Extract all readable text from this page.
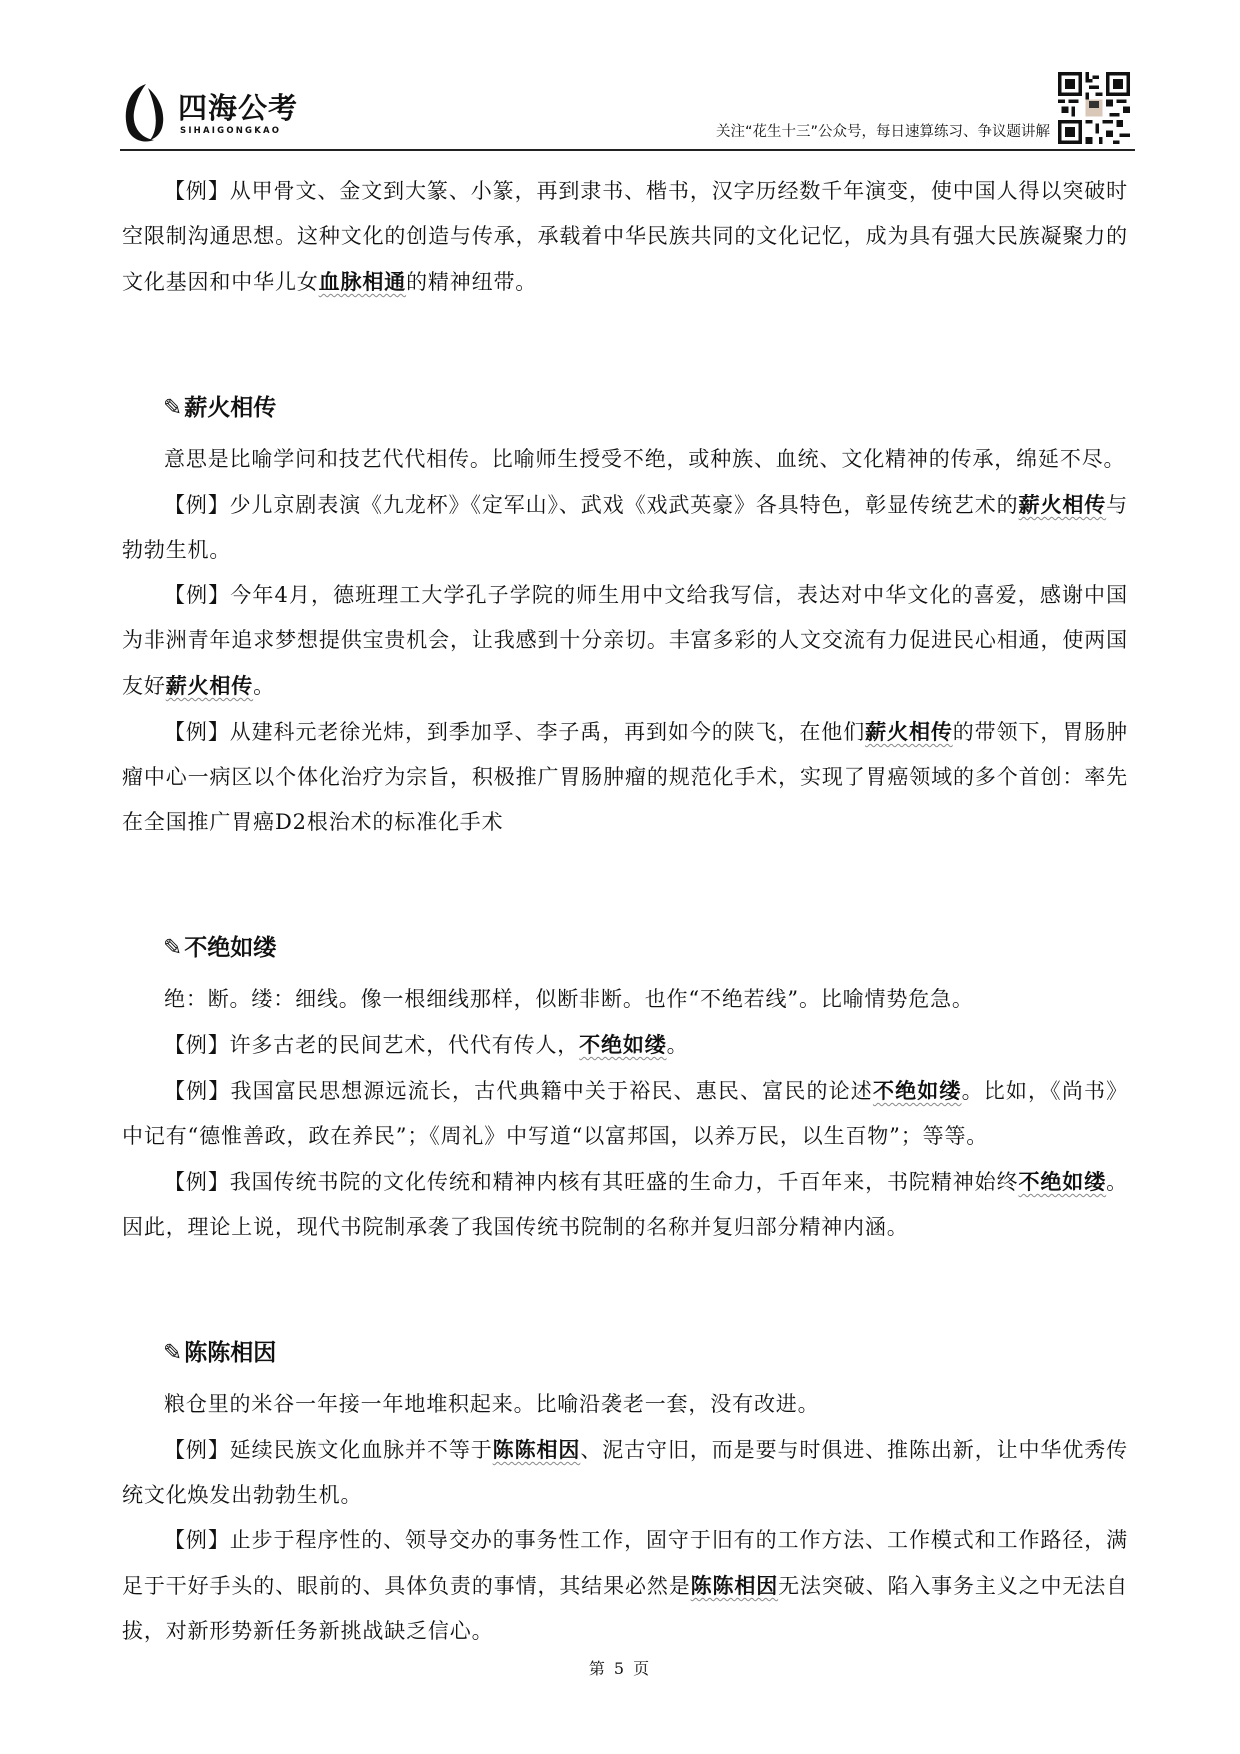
四海公考
SIHAIGONGKAO	关注“花生十三”公众号，每日速算练习、争议题讲解

【例】从甲骨文、金文到大篆、小篆，再到隶书、楷书，汉字历经数千年演变，使中国人得以突破时空限制沟通思想。这种文化的创造与传承，承载着中华民族共同的文化记忆，成为具有强大民族凝聚力的文化基因和中华儿女血脉相通的精神纽带。

✎薪火相传

意思是比喻学问和技艺代代相传。比喻师生授受不绝，或种族、血统、文化精神的传承，绵延不尽。

【例】少儿京剧表演《九龙杯》《定军山》、武戏《戏武英豪》各具特色，彰显传统艺术的薪火相传与勃勃生机。

【例】今年4月，德班理工大学孔子学院的师生用中文给我写信，表达对中华文化的喜爱，感谢中国为非洲青年追求梦想提供宝贵机会，让我感到十分亲切。丰富多彩的人文交流有力促进民心相通，使两国友好薪火相传。

【例】从建科元老徐光炜，到季加孚、李子禹，再到如今的陕飞，在他们薪火相传的带领下，胃肠肿瘤中心一病区以个体化治疗为宗旨，积极推广胃肠肿瘤的规范化手术，实现了胃癌领域的多个首创：率先在全国推广胃癌D2根治术的标准化手术

✎不绝如缕

绝：断。缕：细线。像一根细线那样，似断非断。也作“不绝若线”。比喻情势危急。

【例】许多古老的民间艺术，代代有传人，不绝如缕。

【例】我国富民思想源远流长，古代典籍中关于裕民、惠民、富民的论述不绝如缕。比如，《尚书》中记有“德惟善政，政在养民”；《周礼》中写道“以富邦国，以养万民，以生百物”；等等。

【例】我国传统书院的文化传统和精神内核有其旺盛的生命力，千百年来，书院精神始终不绝如缕。因此，理论上说，现代书院制承袭了我国传统书院制的名称并复归部分精神内涵。

✎陈陈相因

粮仓里的米谷一年接一年地堆积起来。比喻沿袭老一套，没有改进。

【例】延续民族文化血脉并不等于陈陈相因、泥古守旧，而是要与时俱进、推陈出新，让中华优秀传统文化焕发出勃勃生机。

【例】止步于程序性的、领导交办的事务性工作，固守于旧有的工作方法、工作模式和工作路径，满足于干好手头的、眼前的、具体负责的事情，其结果必然是陈陈相因无法突破、陷入事务主义之中无法自拔，对新形势新任务新挑战缺乏信心。

第 5 页
